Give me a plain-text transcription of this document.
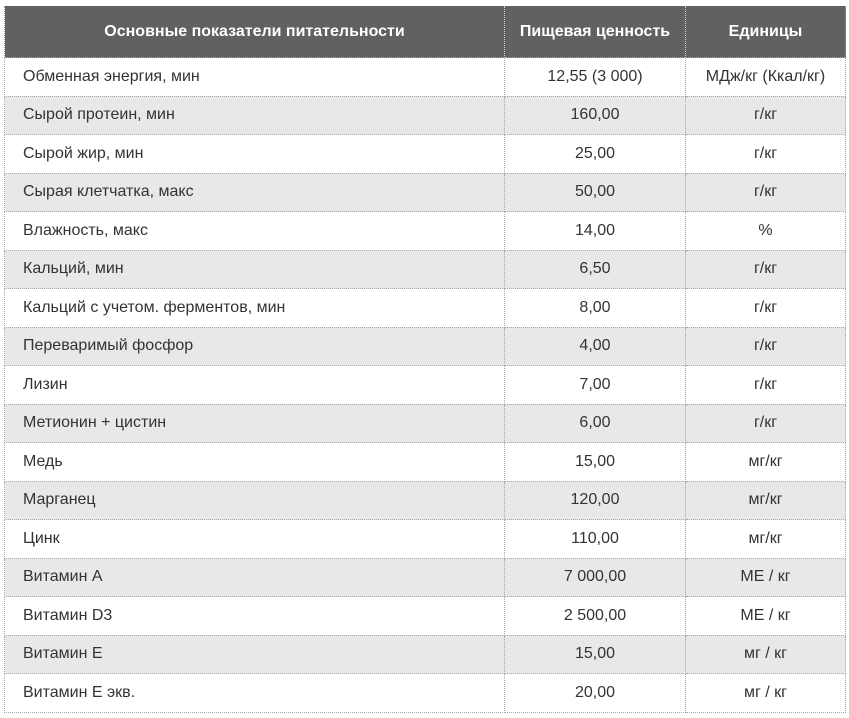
Основные показатели питательности	Пищевая ценность	Единицы
Обменная энергия, мин	12,55 (3 000)	МДж/кг (Ккал/кг)
Сырой протеин, мин	160,00	г/кг
Сырой жир, мин	25,00	г/кг
Сырая клетчатка, макс	50,00	г/кг
Влажность, макс	14,00	%
Кальций, мин	6,50	г/кг
Кальций с учетом. ферментов, мин	8,00	г/кг
Переваримый фосфор	4,00	г/кг
Лизин	7,00	г/кг
Метионин + цистин	6,00	г/кг
Медь	15,00	мг/кг
Марганец	120,00	мг/кг
Цинк	110,00	мг/кг
Витамин А	7 000,00	МЕ / кг
Витамин D3	2 500,00	МЕ / кг
Витамин Е	15,00	мг / кг
Витамин Е экв.	20,00	мг / кг
